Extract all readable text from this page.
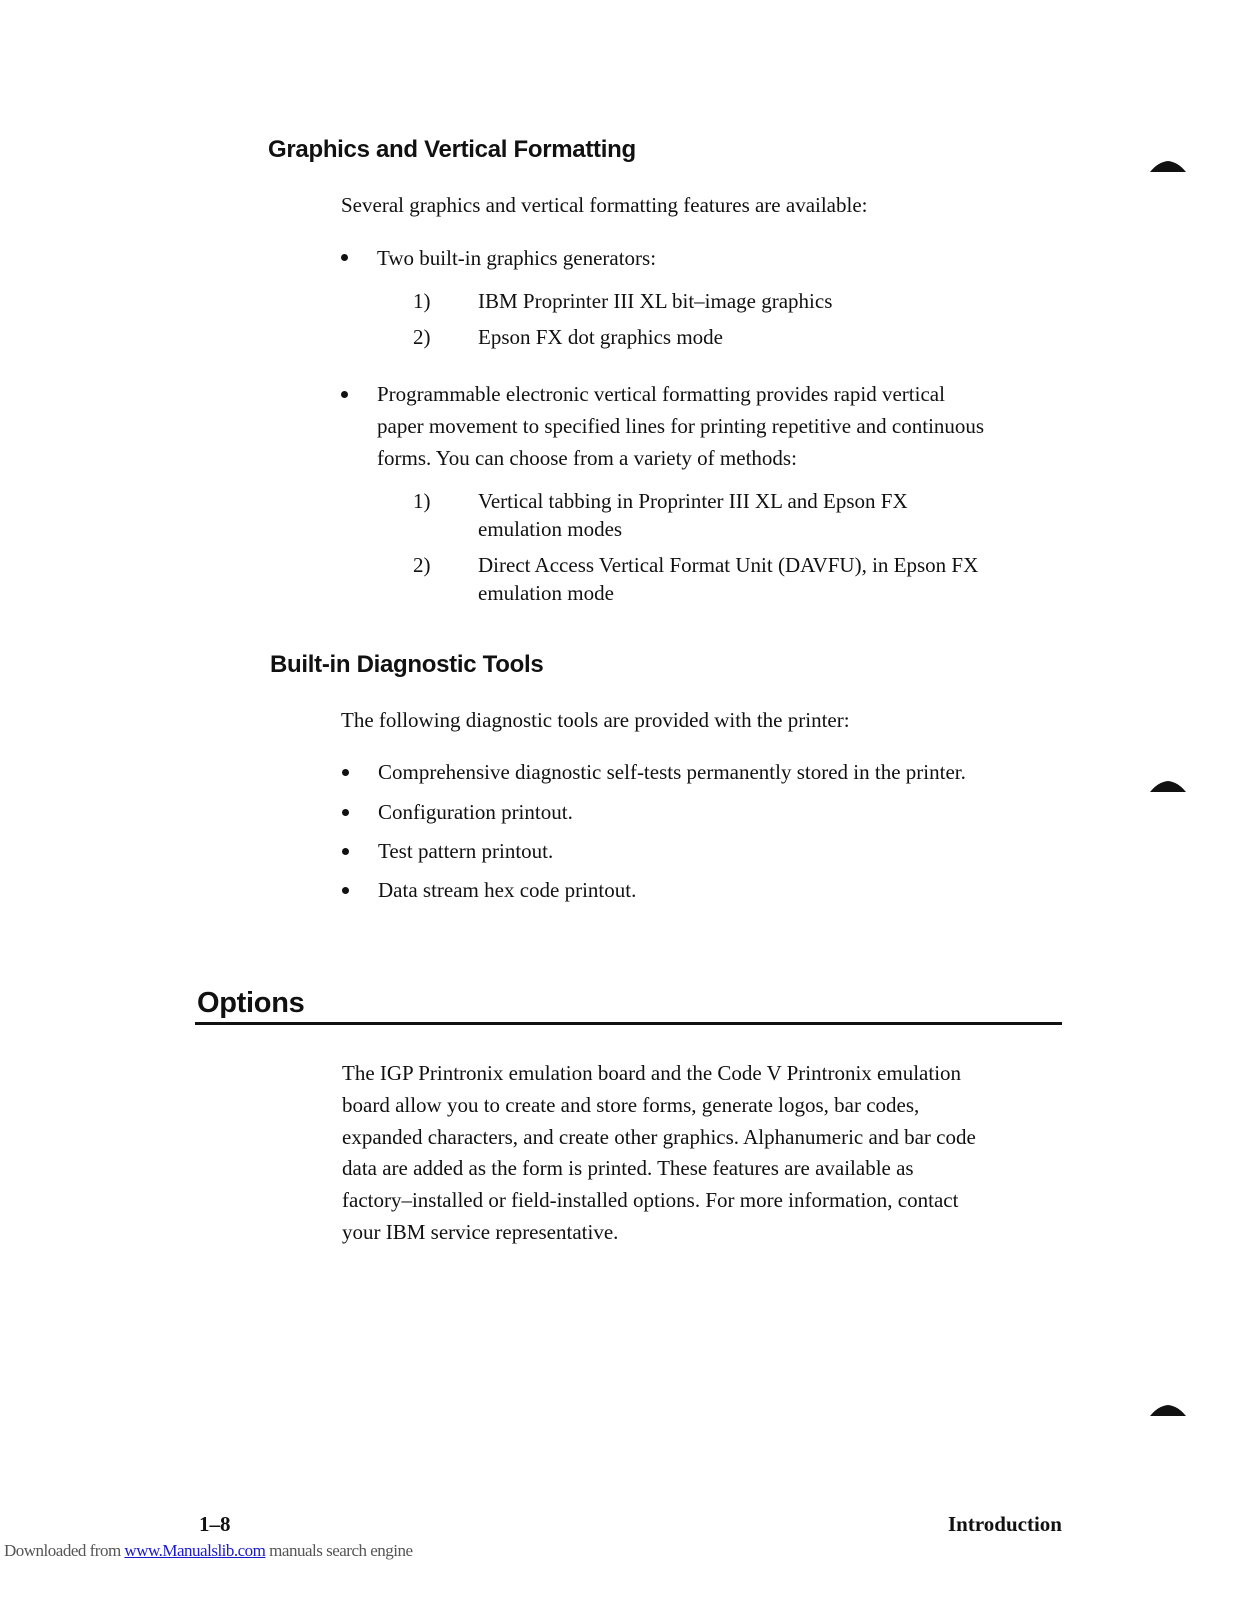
Graphics and Vertical Formatting
Several graphics and vertical formatting features are available:
Two built-in graphics generators:
1) IBM Proprinter III XL bit–image graphics
2) Epson FX dot graphics mode
Programmable electronic vertical formatting provides rapid vertical
paper movement to specified lines for printing repetitive and continuous
forms. You can choose from a variety of methods:
1) Vertical tabbing in Proprinter III XL and Epson FX
emulation modes
2) Direct Access Vertical Format Unit (DAVFU), in Epson FX
emulation mode
Built-in Diagnostic Tools
The following diagnostic tools are provided with the printer:
Comprehensive diagnostic self-tests permanently stored in the printer.
Configuration printout.
Test pattern printout.
Data stream hex code printout.
Options
The IGP Printronix emulation board and the Code V Printronix emulation
board allow you to create and store forms, generate logos, bar codes,
expanded characters, and create other graphics. Alphanumeric and bar code
data are added as the form is printed. These features are available as
factory–installed or field-installed options. For more information, contact
your IBM service representative.
1–8	Introduction
Downloaded from www.Manualslib.com manuals search engine
